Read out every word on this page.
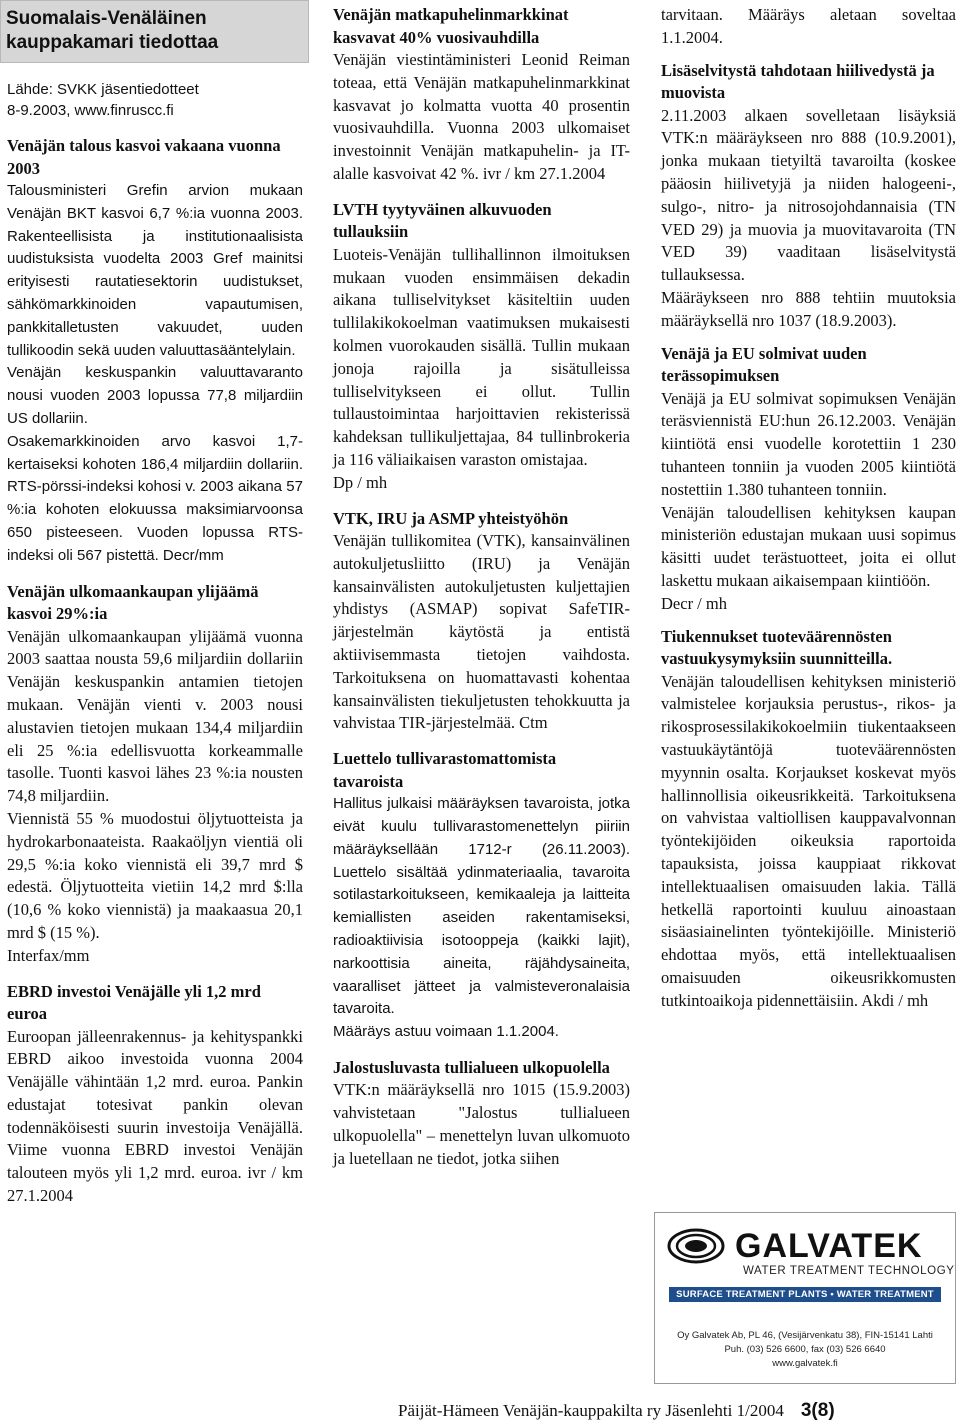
Suomalais-Venäläinen
kauppakamari tiedottaa
Lähde: SVKK jäsentiedotteet
8-9.2003, www.finruscc.fi
Venäjän talous kasvoi vakaana vuonna 2003

Talousministeri Grefin arvion mukaan Venäjän BKT kasvoi 6,7 %:ia vuonna 2003. Rakenteellisista ja institutionaalisista uudistuksista vuodelta 2003 Gref mainitsi erityisesti rautatiesektorin uudistukset, sähkömarkkinoiden vapautumisen, pankkitalletusten vakuudet, uuden tullikoodin sekä uuden valuuttasääntelylain.

Venäjän keskuspankin valuuttavaranto nousi vuoden 2003 lopussa 77,8 miljardiin US dollariin.

Osakemarkkinoiden arvo kasvoi 1,7-kertaiseksi kohoten 186,4 miljardiin dollariin. RTS-pörssi-indeksi kohosi v. 2003 aikana 57 %:ia kohoten elokuussa maksimiarvoonsa 650 pisteeseen. Vuoden lopussa RTS-indeksi oli 567 pistettä. Decr/mm

Venäjän ulkomaankaupan ylijäämä kasvoi 29%:ia

Venäjän ulkomaankaupan ylijäämä vuonna 2003 saattaa nousta 59,6 miljardiin dollariin Venäjän keskuspankin antamien tietojen mukaan. Venäjän vienti v. 2003 nousi alustavien tietojen mukaan 134,4 miljardiin eli 25 %:ia edellisvuotta korkeammalle tasolle. Tuonti kasvoi lähes 23 %:ia nousten 74,8 miljardiin.

Viennistä 55 % muodostui öljytuotteista ja hydrokarbonaateista. Raakaöljyn vientiä oli 29,5 %:ia koko viennistä eli 39,7 mrd $ edestä. Öljytuotteita vietiin 14,2 mrd $:lla (10,6 % koko viennistä) ja maakaasua 20,1 mrd $ (15 %).

Interfax/mm

EBRD investoi Venäjälle yli 1,2 mrd euroa

Euroopan jälleenrakennus- ja kehityspankki EBRD aikoo investoida vuonna 2004 Venäjälle vähintään 1,2 mrd. euroa. Pankin edustajat totesivat pankin olevan todennäköisesti suurin investoija Venäjällä. Viime vuonna EBRD investoi Venäjän talouteen myös yli 1,2 mrd. euroa. ivr / km 27.1.2004

Venäjän matkapuhelinmarkkinat kasvavat 40% vuosivauhdilla

Venäjän viestintäministeri Leonid Reiman toteaa, että Venäjän matkapuhelinmarkkinat kasvavat jo kolmatta vuotta 40 prosentin vuosivauhdilla. Vuonna 2003 ulkomaiset investoinnit Venäjän matkapuhelin- ja IT-alalle kasvoivat 42 %. ivr / km 27.1.2004

LVTH tyytyväinen alkuvuoden tullauksiin

Luoteis-Venäjän tullihallinnon ilmoituksen mukaan vuoden ensimmäisen dekadin aikana tulliselvitykset käsiteltiin uuden tullilakikokoelman vaatimuksen mukaisesti kolmen vuorokauden sisällä. Tullin mukaan jonoja rajoilla ja sisätulleissa tulliselvitykseen ei ollut. Tullin tullaustoimintaa harjoittavien rekisterissä kahdeksan tullikuljettajaa, 84 tullinbrokeria ja 116 väliaikaisen varaston omistajaa.

Dp / mh

VTK, IRU ja ASMP yhteistyöhön

Venäjän tullikomitea (VTK), kansainvälinen autokuljetusliitto (IRU) ja Venäjän kansainvälisten autokuljetusten kuljettajien yhdistys (ASMAP) sopivat SafeTIR-järjestelmän käytöstä ja entistä aktiivisemmasta tietojen vaihdosta. Tarkoituksena on huomattavasti kohentaa kansainvälisten tiekuljetusten tehokkuutta ja vahvistaa TIR-järjestelmää. Ctm

Luettelo tullivarastomattomista tavaroista

Hallitus julkaisi määräyksen tavaroista, jotka eivät kuulu tullivarastomenettelyn piiriin määräyksellään 1712-r (26.11.2003). Luettelo sisältää ydinmateriaalia, tavaroita sotilastarkoitukseen, kemikaaleja ja laitteita kemiallisten aseiden rakentamiseksi, radioaktiivisia isotooppeja (kaikki lajit), narkoottisia aineita, räjähdysaineita, vaaralliset jätteet ja valmisteveronalaisia tavaroita.

Määräys astuu voimaan 1.1.2004.

Jalostusluvasta tullialueen ulkopuolella

VTK:n määräyksellä nro 1015 (15.9.2003) vahvistetaan "Jalostus tullialueen ulkopuolella" – menettelyn luvan ulkomuoto ja luetellaan ne tiedot, jotka siihen

tarvitaan. Määräys aletaan soveltaa 1.1.2004.

Lisäselvitystä tahdotaan hiilivedystä ja muovista

2.11.2003 alkaen sovelletaan lisäyksiä VTK:n määräykseen nro 888 (10.9.2001), jonka mukaan tietyiltä tavaroilta (koskee pääosin hiilivetyjä ja niiden halogeeni-, sulgo-, nitro- ja nitrosojohdannaisia (TN VED 29) ja muovia ja muovitavaroita (TN VED 39) vaaditaan lisäselvitystä tullauksessa.

Määräykseen nro 888 tehtiin muutoksia määräyksellä nro 1037 (18.9.2003).

Venäjä ja EU solmivat uuden terässopimuksen

Venäjä ja EU solmivat sopimuksen Venäjän teräsviennistä EU:hun 26.12.2003. Venäjän kiintiötä ensi vuodelle korotettiin 1 230 tuhanteen tonniin ja vuoden 2005 kiintiötä nostettiin 1.380 tuhanteen tonniin.

Venäjän taloudellisen kehityksen kaupan ministeriön edustajan mukaan uusi sopimus käsitti uudet terästuotteet, joita ei ollut laskettu mukaan aikaisempaan kiintiöön.

Decr / mh

Tiukennukset tuoteväärennösten vastuukysymyksiin suunnitteilla.

Venäjän taloudellisen kehityksen ministeriö valmistelee korjauksia perustus-, rikos- ja rikosprosessilakikokoelmiin tiukentaakseen vastuukäytäntöjä tuoteväärennösten myynnin osalta. Korjaukset koskevat myös hallinnollisia oikeusrikkeitä. Tarkoituksena on vahvistaa valtiollisen kauppavalvonnan työntekijöiden oikeuksia raportoida tapauksista, joissa kauppiaat rikkovat intellektuaalisen omaisuuden lakia. Tällä hetkellä raportointi kuuluu ainoastaan sisäasiainelinten työntekijöille. Ministeriö ehdottaa myös, että intellektuaalisen omaisuuden oikeusrikkomusten tutkintoaikoja pidennettäisiin. Akdi / mh

GALVATEK
WATER TREATMENT TECHNOLOGY
SURFACE TREATMENT PLANTS • WATER TREATMENT PLANTS
Oy Galvatek Ab, PL 46, (Vesijärvenkatu 38), FIN-15141 Lahti
Puh. (03) 526 6600, fax (03) 526 6640
www.galvatek.fi
Päijät-Hämeen Venäjän-kauppakilta ry Jäsenlehti 1/2004 3(8)
